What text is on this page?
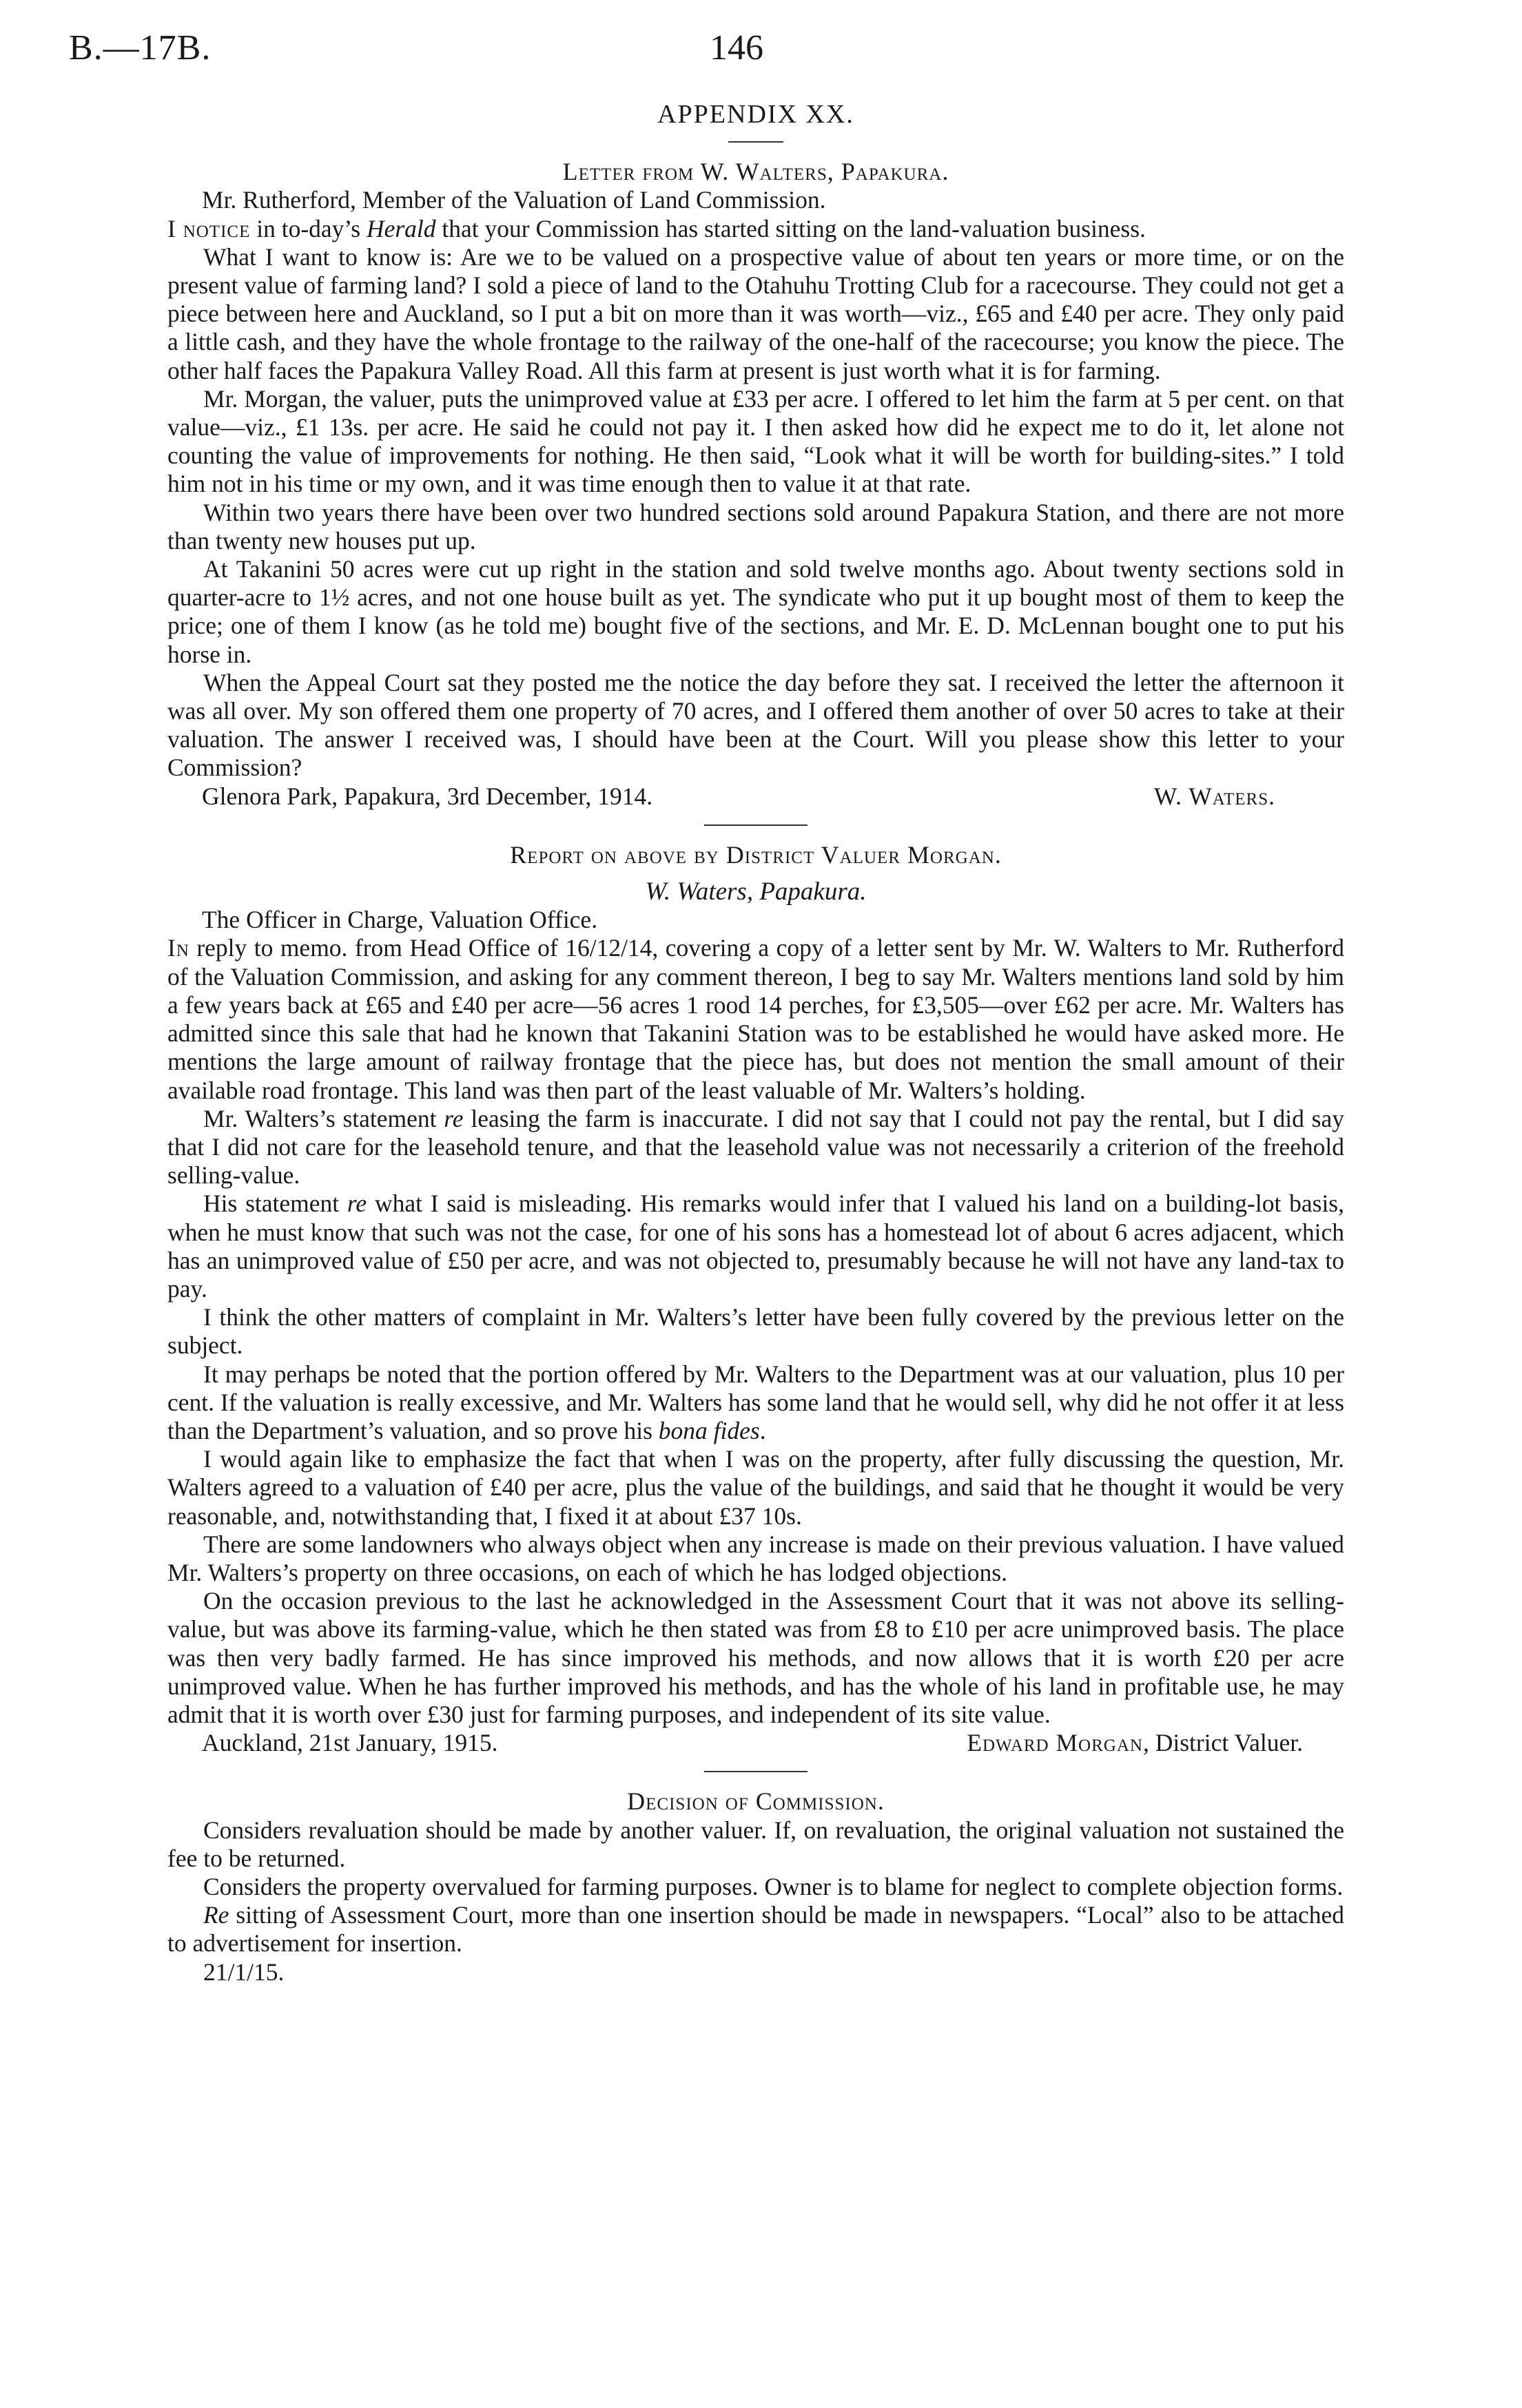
B.—17B.	146
APPENDIX XX.
Letter from W. Walters, Papakura.

Mr. Rutherford, Member of the Valuation of Land Commission.

I notice in to-day’s Herald that your Commission has started sitting on the land-valuation business.

What I want to know is: Are we to be valued on a prospective value of about ten years or more time, or on the present value of farming land? I sold a piece of land to the Otahuhu Trotting Club for a racecourse. They could not get a piece between here and Auckland, so I put a bit on more than it was worth—viz., £65 and £40 per acre. They only paid a little cash, and they have the whole frontage to the railway of the one-half of the racecourse; you know the piece. The other half faces the Papakura Valley Road. All this farm at present is just worth what it is for farming.

Mr. Morgan, the valuer, puts the unimproved value at £33 per acre. I offered to let him the farm at 5 per cent. on that value—viz., £1 13s. per acre. He said he could not pay it. I then asked how did he expect me to do it, let alone not counting the value of improvements for nothing. He then said, “Look what it will be worth for building-sites.” I told him not in his time or my own, and it was time enough then to value it at that rate.

Within two years there have been over two hundred sections sold around Papakura Station, and there are not more than twenty new houses put up.

At Takanini 50 acres were cut up right in the station and sold twelve months ago. About twenty sections sold in quarter-acre to 1½ acres, and not one house built as yet. The syndicate who put it up bought most of them to keep the price; one of them I know (as he told me) bought five of the sections, and Mr. E. D. McLennan bought one to put his horse in.

When the Appeal Court sat they posted me the notice the day before they sat. I received the letter the afternoon it was all over. My son offered them one property of 70 acres, and I offered them another of over 50 acres to take at their valuation. The answer I received was, I should have been at the Court. Will you please show this letter to your Commission?

Glenora Park, Papakura, 3rd December, 1914.	W. Waters.
Report on above by District Valuer Morgan.
W. Waters, Papakura.

The Officer in Charge, Valuation Office.

In reply to memo. from Head Office of 16/12/14, covering a copy of a letter sent by Mr. W. Walters to Mr. Rutherford of the Valuation Commission, and asking for any comment thereon, I beg to say Mr. Walters mentions land sold by him a few years back at £65 and £40 per acre—56 acres 1 rood 14 perches, for £3,505—over £62 per acre. Mr. Walters has admitted since this sale that had he known that Takanini Station was to be established he would have asked more. He mentions the large amount of railway frontage that the piece has, but does not mention the small amount of their available road frontage. This land was then part of the least valuable of Mr. Walters’s holding.

Mr. Walters’s statement re leasing the farm is inaccurate. I did not say that I could not pay the rental, but I did say that I did not care for the leasehold tenure, and that the leasehold value was not necessarily a criterion of the freehold selling-value.

His statement re what I said is misleading. His remarks would infer that I valued his land on a building-lot basis, when he must know that such was not the case, for one of his sons has a homestead lot of about 6 acres adjacent, which has an unimproved value of £50 per acre, and was not objected to, presumably because he will not have any land-tax to pay.

I think the other matters of complaint in Mr. Walters’s letter have been fully covered by the previous letter on the subject.

It may perhaps be noted that the portion offered by Mr. Walters to the Department was at our valuation, plus 10 per cent. If the valuation is really excessive, and Mr. Walters has some land that he would sell, why did he not offer it at less than the Department’s valuation, and so prove his bona fides.

I would again like to emphasize the fact that when I was on the property, after fully discussing the question, Mr. Walters agreed to a valuation of £40 per acre, plus the value of the buildings, and said that he thought it would be very reasonable, and, notwithstanding that, I fixed it at about £37 10s.

There are some landowners who always object when any increase is made on their previous valuation. I have valued Mr. Walters’s property on three occasions, on each of which he has lodged objections.

On the occasion previous to the last he acknowledged in the Assessment Court that it was not above its selling-value, but was above its farming-value, which he then stated was from £8 to £10 per acre unimproved basis. The place was then very badly farmed. He has since improved his methods, and now allows that it is worth £20 per acre unimproved value. When he has further improved his methods, and has the whole of his land in profitable use, he may admit that it is worth over £30 just for farming purposes, and independent of its site value.

Auckland, 21st January, 1915.	Edward Morgan, District Valuer.
Decision of Commission.

Considers revaluation should be made by another valuer. If, on revaluation, the original valuation not sustained the fee to be returned.

Considers the property overvalued for farming purposes. Owner is to blame for neglect to complete objection forms.

Re sitting of Assessment Court, more than one insertion should be made in newspapers. “Local” also to be attached to advertisement for insertion.

21/1/15.
